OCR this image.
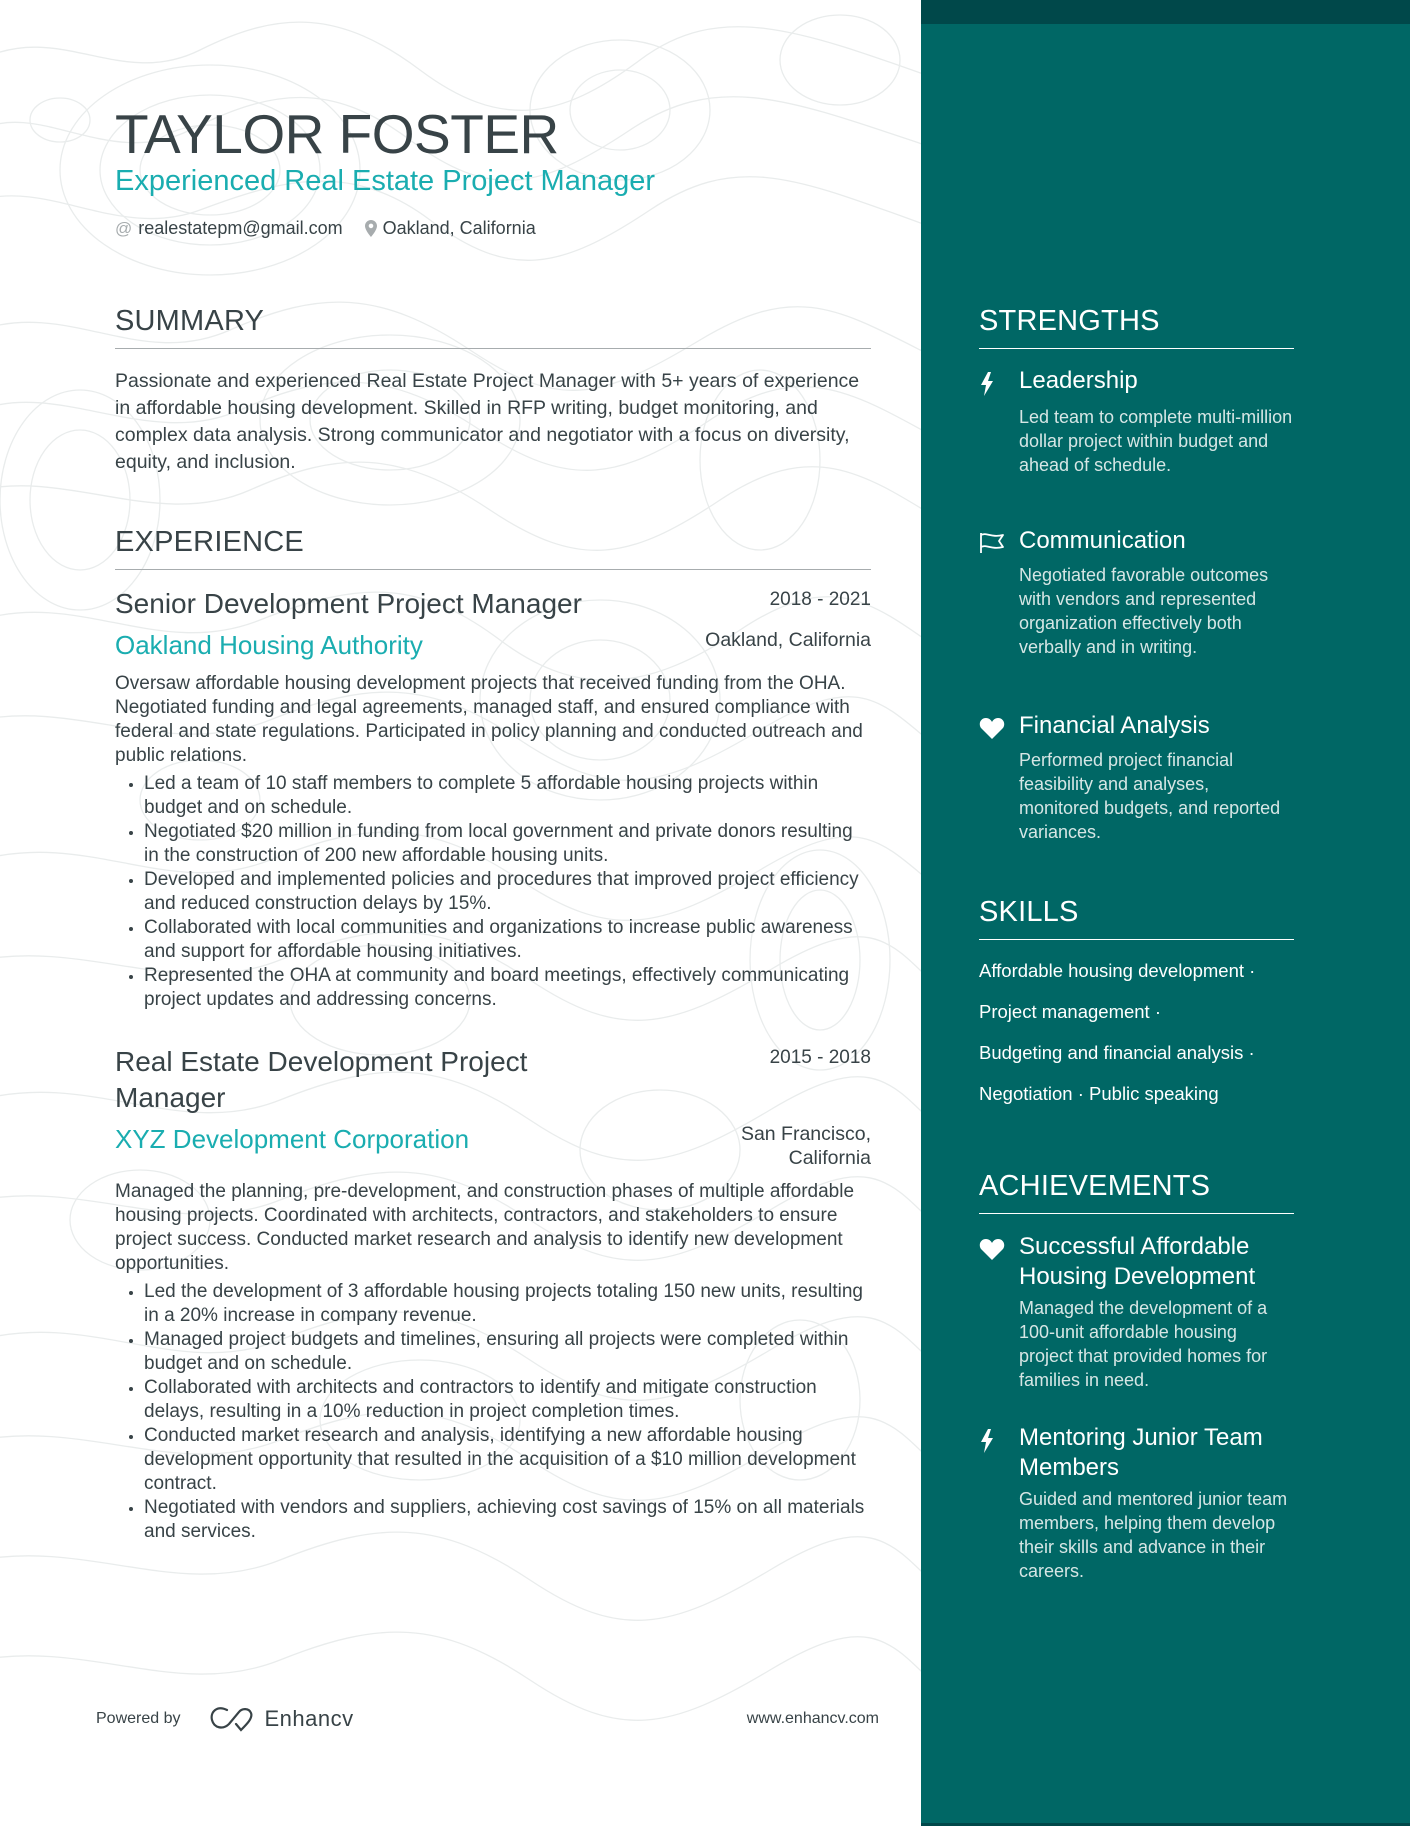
TAYLOR FOSTER
Experienced Real Estate Project Manager
@ realestatepm@gmail.com Oakland, California
SUMMARY
Passionate and experienced Real Estate Project Manager with 5+ years of experience in affordable housing development. Skilled in RFP writing, budget monitoring, and complex data analysis. Strong communicator and negotiator with a focus on diversity, equity, and inclusion.
EXPERIENCE
Senior Development Project Manager	2018 - 2021
Oakland Housing Authority	Oakland, California
Oversaw affordable housing development projects that received funding from the OHA. Negotiated funding and legal agreements, managed staff, and ensured compliance with federal and state regulations. Participated in policy planning and conducted outreach and public relations.
• Led a team of 10 staff members to complete 5 affordable housing projects within budget and on schedule.
• Negotiated $20 million in funding from local government and private donors resulting in the construction of 200 new affordable housing units.
• Developed and implemented policies and procedures that improved project efficiency and reduced construction delays by 15%.
• Collaborated with local communities and organizations to increase public awareness and support for affordable housing initiatives.
• Represented the OHA at community and board meetings, effectively communicating project updates and addressing concerns.
Real Estate Development Project Manager
2015 - 2018
XYZ Development Corporation	San Francisco, California
Managed the planning, pre-development, and construction phases of multiple affordable housing projects. Coordinated with architects, contractors, and stakeholders to ensure project success. Conducted market research and analysis to identify new development opportunities.
• Led the development of 3 affordable housing projects totaling 150 new units, resulting in a 20% increase in company revenue.
• Managed project budgets and timelines, ensuring all projects were completed within budget and on schedule.
• Collaborated with architects and contractors to identify and mitigate construction delays, resulting in a 10% reduction in project completion times.
• Conducted market research and analysis, identifying a new affordable housing development opportunity that resulted in the acquisition of a $10 million development contract.
• Negotiated with vendors and suppliers, achieving cost savings of 15% on all materials and services.
Powered by	Enhancv	www.enhancv.com
STRENGTHS
Leadership
Led team to complete multi-million dollar project within budget and ahead of schedule.
Communication
Negotiated favorable outcomes with vendors and represented organization effectively both verbally and in writing.
Financial Analysis
Performed project financial feasibility and analyses, monitored budgets, and reported variances.
SKILLS
Affordable housing development ·
Project management ·
Budgeting and financial analysis ·
Negotiation · Public speaking
ACHIEVEMENTS
Successful Affordable Housing Development
Managed the development of a 100-unit affordable housing project that provided homes for families in need.
Mentoring Junior Team Members
Guided and mentored junior team members, helping them develop their skills and advance in their careers.
